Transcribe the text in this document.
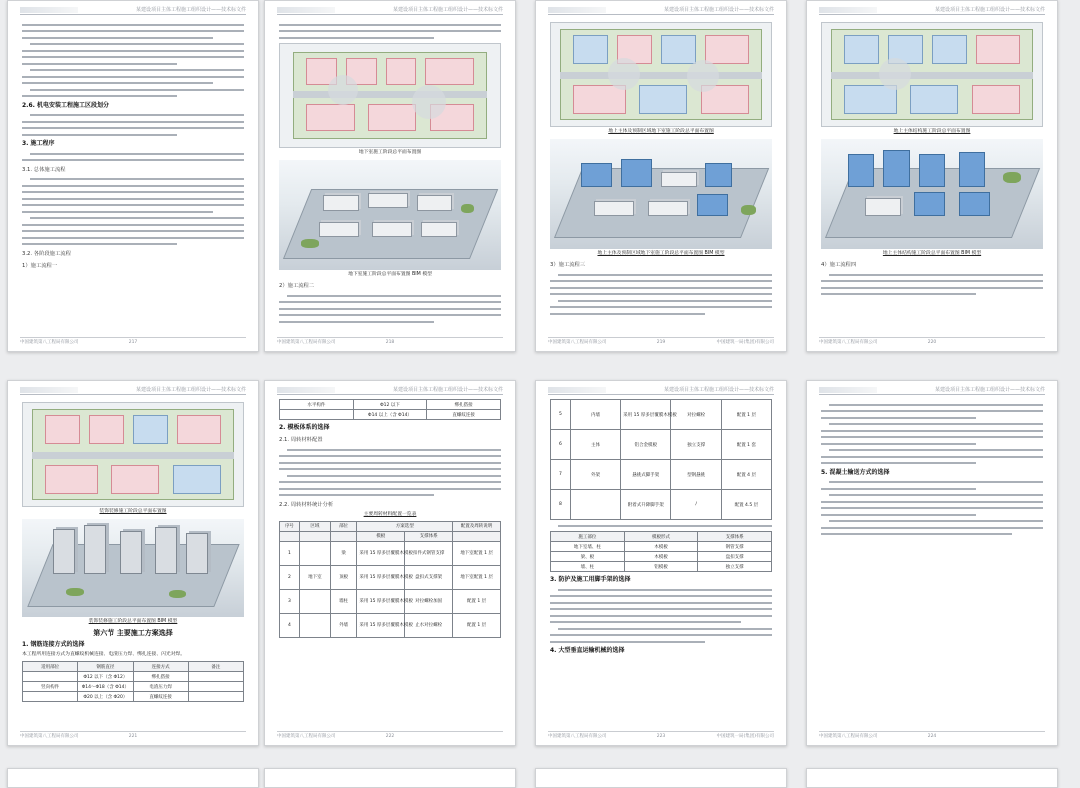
某建设项目主体工程施工组织设计——技术标文件
2.6. 机电安装工程施工区段划分
3. 施工程序
3.1. 总体施工流程
3.2. 各阶段施工流程
1）施工流程一
中国建筑第八工程局有限公司	217
某建设项目主体工程施工组织设计——技术标文件
地下室施工阶段总平面布置图
地下室施工阶段总平面布置图 BIM 模型
2）施工流程二
中国建筑第八工程局有限公司	218
某建设项目主体工程施工组织设计——技术标文件
地上主体及预制区域地下室施工阶段总平面布置图
地上主体及预制区域地下室施工阶段总平面布置图 BIM 模型
3）施工流程三
中国建筑第八工程局有限公司	219	中国建筑一局(集团)有限公司
某建设项目主体工程施工组织设计——技术标文件
地上主体结构施工阶段总平面布置图
地上主体结构施工阶段总平面布置图 BIM 模型
4）施工流程四
中国建筑第八工程局有限公司	220
某建设项目主体工程施工组织设计——技术标文件
装饰装修施工阶段总平面布置图
装饰装修施工阶段总平面布置图 BIM 模型
第六节 主要施工方案选择
1. 钢筋连接方式的选择
本工程所用连接方式为直螺纹机械连接、电渣压力焊、绑扎连接、闪光对焊。
适用部位	钢筋直径	连接方式	备注
	Φ12 以下（含 Φ12）	绑扎搭接	
竖向构件	Φ14～Φ18（含 Φ14）	电渣压力焊	
	Φ20 以上（含 Φ20）	直螺纹连接	
中国建筑第八工程局有限公司	221
某建设项目主体工程施工组织设计——技术标文件
水平构件	Φ12 以下	绑扎搭接
	Φ14 以上（含 Φ14）	直螺纹连接
2. 模板体系的选择
2.1. 周转材料配置
2.2. 周转材料统计分析
主要周转材料配置一览表
序号	区域	部位	方案选型		配置及周转说明
			模板	支撑体系	
1		梁	采用 15 厚多层覆膜木模板	扣件式钢管支撑	地下室配置 1 层
2	地下室	顶板	采用 15 厚多层覆膜木模板	盘扣式支撑架	地下室配置 1 层
3		墙柱	采用 15 厚多层覆膜木模板	对拉螺栓加固	配置 1 层
4		外墙	采用 15 厚多层覆膜木模板	止水对拉螺栓	配置 1 层
中国建筑第八工程局有限公司	222
某建设项目主体工程施工组织设计——技术标文件
5	内墙	采用 15 厚多层覆膜木模板	对拉螺栓	配置 1 层
6	主体	铝合金模板	独立支撑	配置 1 套
7	外架	悬挑式脚手架	型钢悬挑	配置 4 层
8		附着式升降脚手架	/	配置 4.5 层
施工部位	模板形式	支撑体系
地下室墙、柱	木模板	钢管支撑
梁、板	木模板	盘扣支撑
墙、柱	铝模板	独立支撑
3. 防护及施工用脚手架的选择
4. 大型垂直运输机械的选择
中国建筑第八工程局有限公司	223	中国建筑一局(集团)有限公司
某建设项目主体工程施工组织设计——技术标文件
5. 混凝土输送方式的选择
中国建筑第八工程局有限公司	224
